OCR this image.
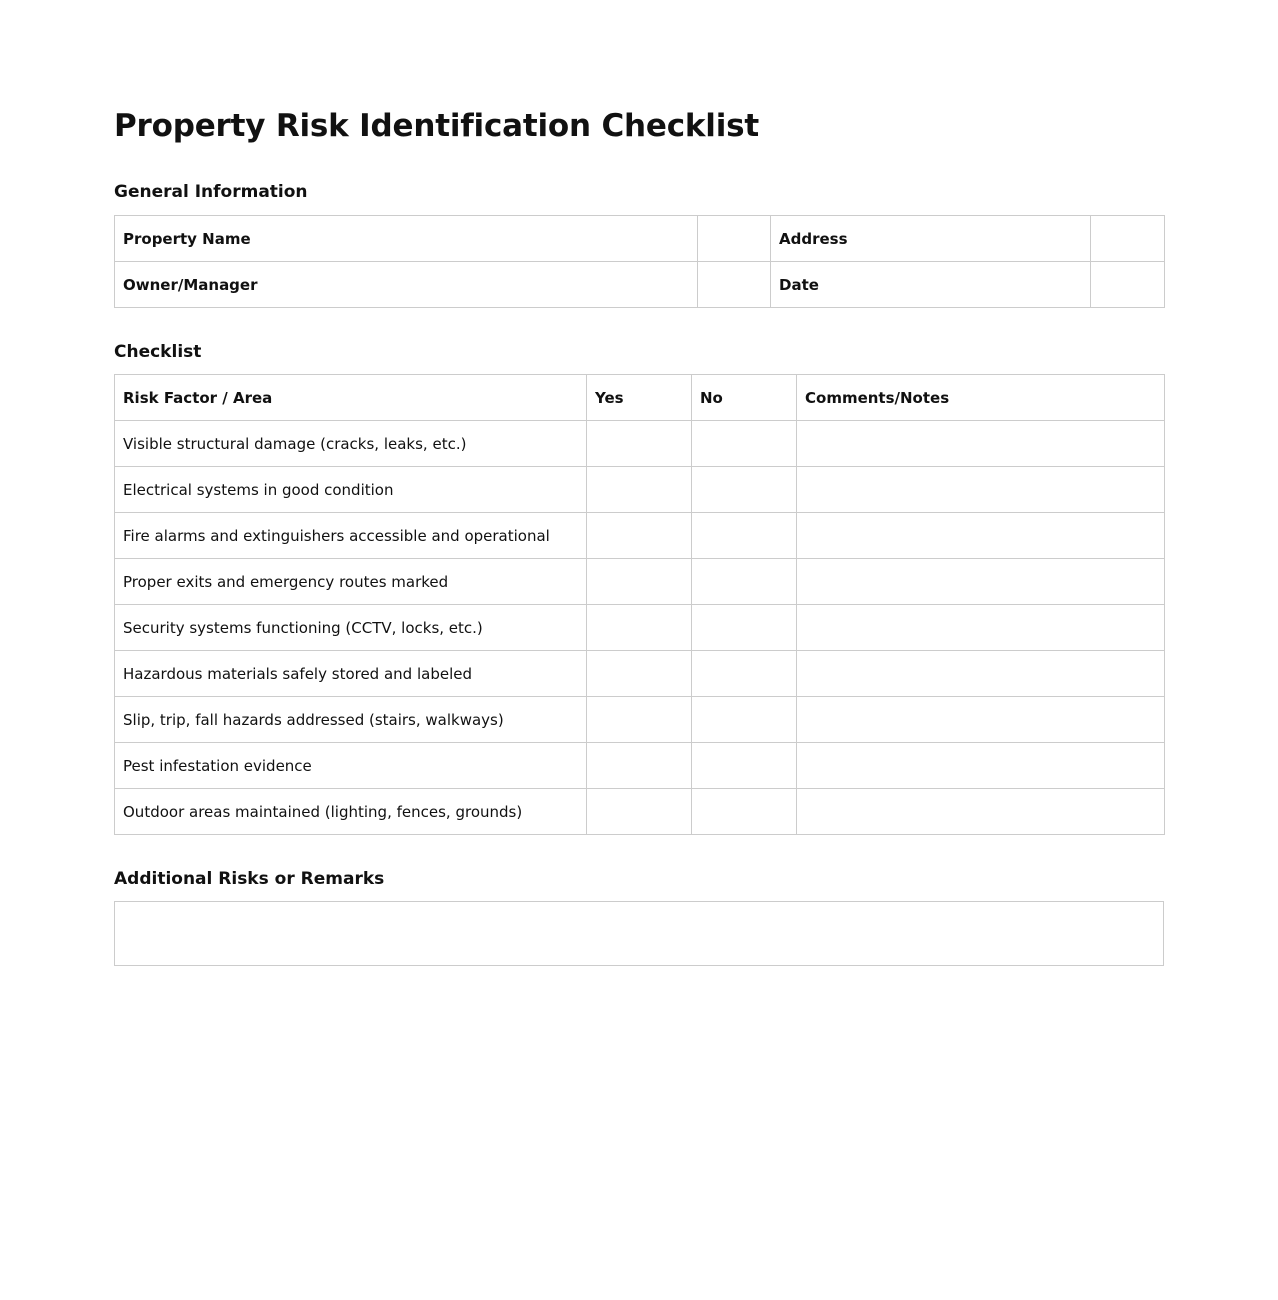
Property Risk Identification Checklist
General Information
Property Name		Address	
Owner/Manager		Date	
Checklist
Risk Factor / Area	Yes	No	Comments/Notes
Visible structural damage (cracks, leaks, etc.)			
Electrical systems in good condition			
Fire alarms and extinguishers accessible and operational			
Proper exits and emergency routes marked			
Security systems functioning (CCTV, locks, etc.)			
Hazardous materials safely stored and labeled			
Slip, trip, fall hazards addressed (stairs, walkways)			
Pest infestation evidence			
Outdoor areas maintained (lighting, fences, grounds)			
Additional Risks or Remarks
